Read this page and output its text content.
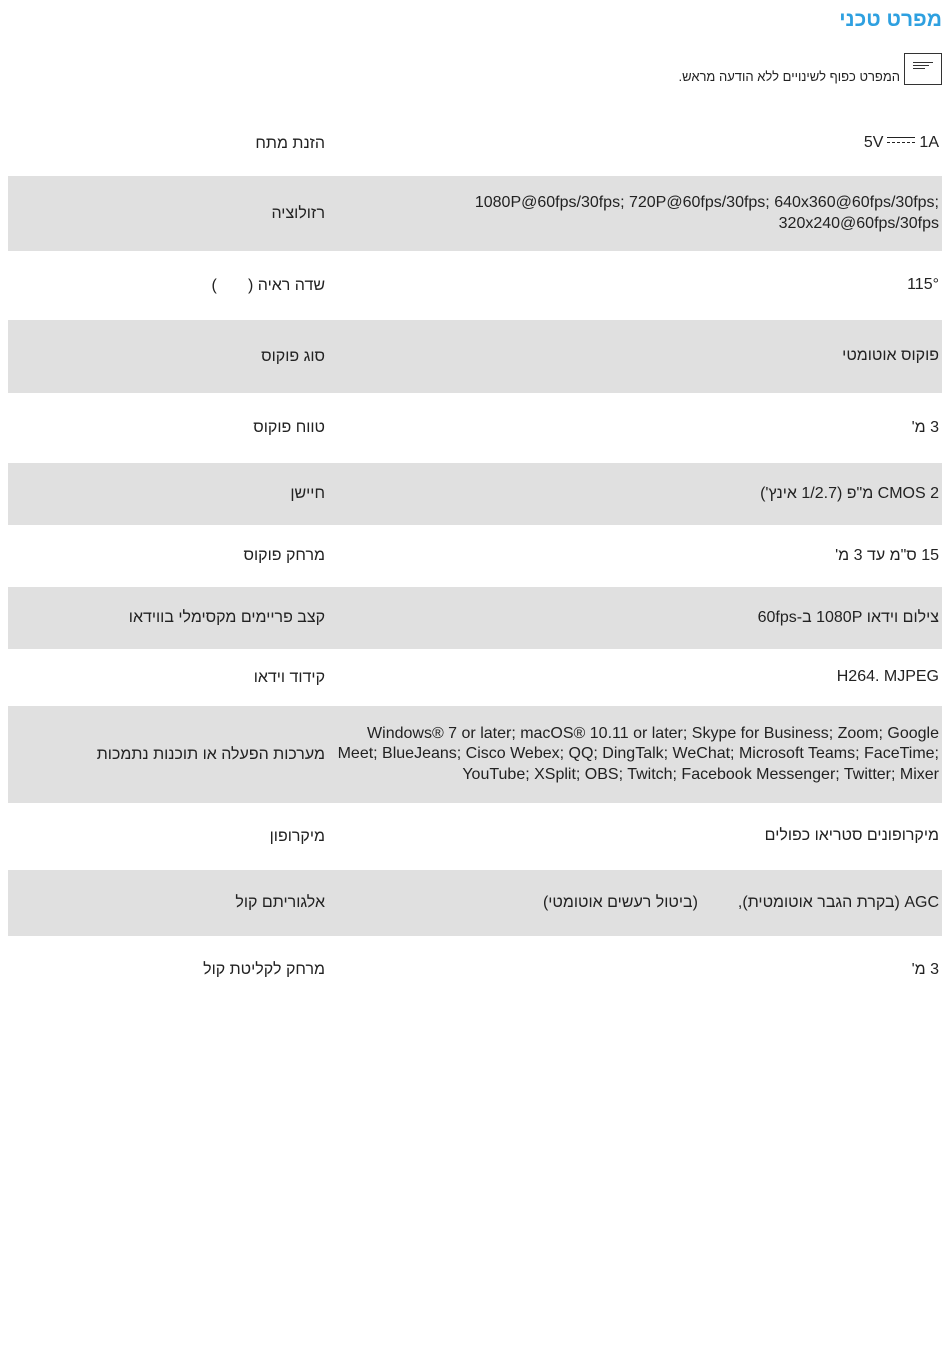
מפרט טכני
המפרט כפוף לשינויים ללא הודעה מראש.
5V 1A
הזנת מתח
1080P@60fps/30fps; 720P@60fps/30fps; 640x360@60fps/30fps; 320x240@60fps/30fps
רזולוציה
115°
שדה ראיה (       )
פוקוס אוטומטי
סוג פוקוס
3 מ'
טווח פוקוס
CMOS 2 מ"פ (1/2.7 אינץ')
חיישן
15 ס"מ עד 3 מ'
מרחק פוקוס
צילום וידאו 1080P ב-60fps
קצב פריימים מקסימלי בווידאו
H264. MJPEG
קידוד וידאו
Windows® 7 or later; macOS® 10.11 or later; Skype for Business; Zoom; Google Meet; BlueJeans; Cisco Webex; QQ; DingTalk; WeChat; Microsoft Teams; FaceTime; YouTube; XSplit; OBS; Twitch; Facebook Messenger; Twitter; Mixer
מערכות הפעלה או תוכנות נתמכות
מיקרופונים סטריאו כפולים
מיקרופון
AGC (בקרת הגבר אוטומטית),(ביטול רעשים אוטומטי)
אלגוריתם קול
3 מ'
מרחק לקליטת קול
